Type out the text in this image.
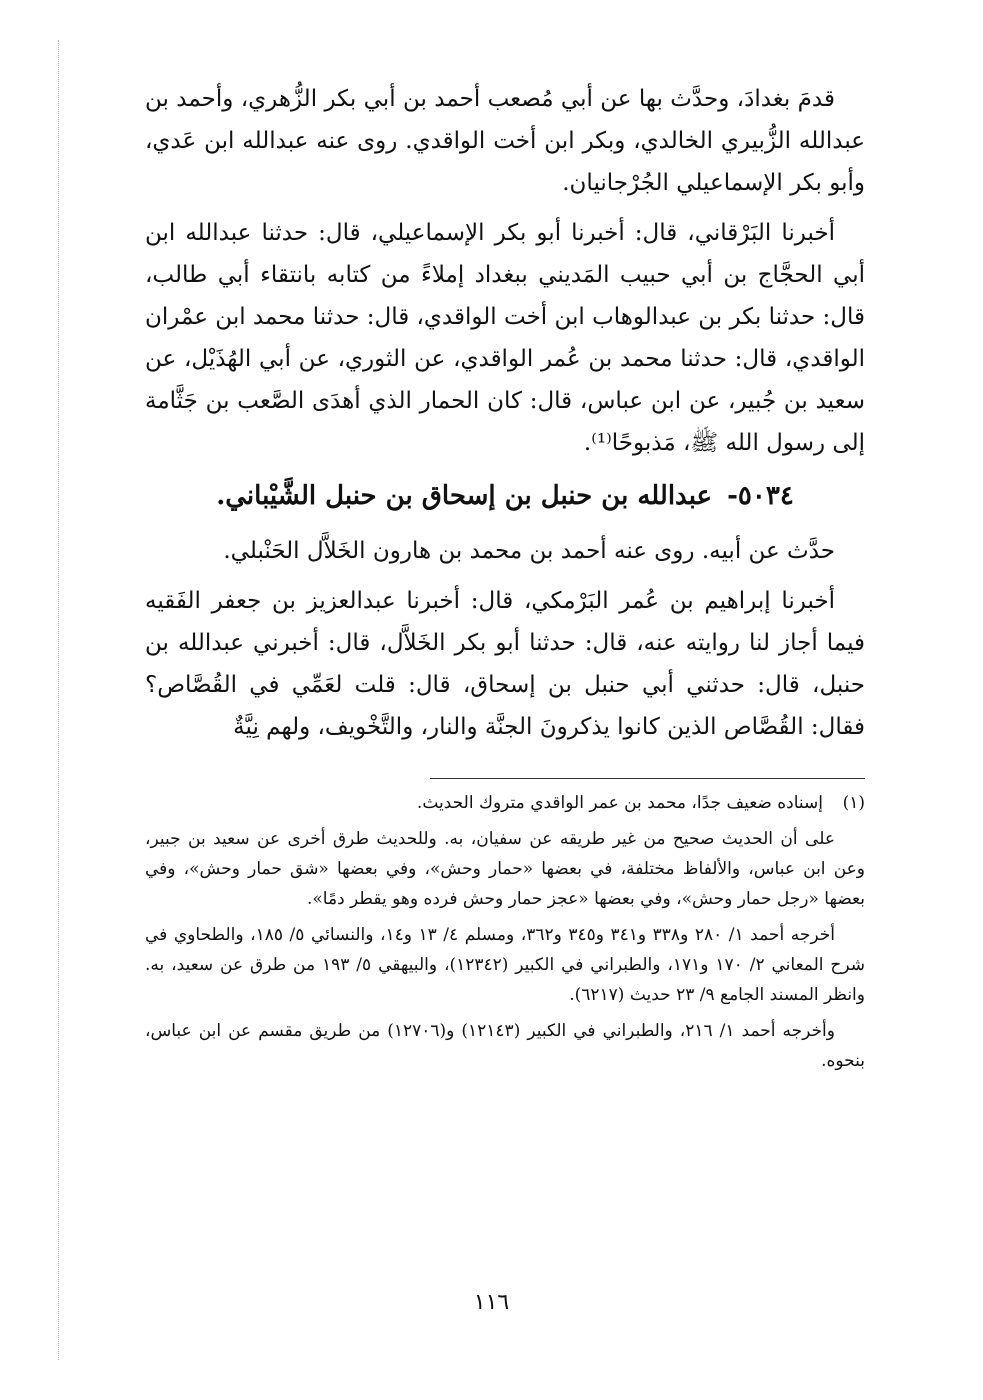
قدمَ بغدادَ، وحدَّث بها عن أبي مُصعب أحمد بن أبي بكر الزُّهري، وأحمد بن عبدالله الزُّبيري الخالدي، وبكر ابن أخت الواقدي. روى عنه عبدالله ابن عَدي، وأبو بكر الإسماعيلي الجُرْجانيان.

أخبرنا البَرْقاني، قال: أخبرنا أبو بكر الإسماعيلي، قال: حدثنا عبدالله ابن أبي الحجَّاج بن أبي حبيب المَديني ببغداد إملاءً من كتابه بانتقاء أبي طالب، قال: حدثنا بكر بن عبدالوهاب ابن أخت الواقدي، قال: حدثنا محمد ابن عمْران الواقدي، قال: حدثنا محمد بن عُمر الواقدي، عن الثوري، عن أبي الهُذَيْل، عن سعيد بن جُبير، عن ابن عباس، قال: كان الحمار الذي أهدَى الصَّعب بن جَثَّامة إلى رسول الله ﷺ، مَذبوحًا⁽¹⁾.

٥٠٣٤- عبدالله بن حنبل بن إسحاق بن حنبل الشَّيْباني.

حدَّث عن أبيه. روى عنه أحمد بن محمد بن هارون الخَلاَّل الحَنْبلي.

أخبرنا إبراهيم بن عُمر البَرْمكي، قال: أخبرنا عبدالعزيز بن جعفر الفَقيه فيما أجاز لنا روايته عنه، قال: حدثنا أبو بكر الخَلاَّل، قال: أخبرني عبدالله بن حنبل، قال: حدثني أبي حنبل بن إسحاق، قال: قلت لعَمِّي في القُصَّاص؟ فقال: القُصَّاص الذين كانوا يذكرونَ الجنَّة والنار، والتَّخْويف، ولهم نِيَّةٌ

(١)إسناده ضعيف جدًا، محمد بن عمر الواقدي متروك الحديث.

على أن الحديث صحيح من غير طريقه عن سفيان، به. وللحديث طرق أخرى عن سعيد بن جبير، وعن ابن عباس، والألفاظ مختلفة، في بعضها «حمار وحش»، وفي بعضها «شق حمار وحش»، وفي بعضها «رجل حمار وحش»، وفي بعضها «عجز حمار وحش فرده وهو يقطر دمًا».

أخرجه أحمد ١/ ٢٨٠ و٣٣٨ و٣٤١ و٣٤٥ و٣٦٢، ومسلم ٤/ ١٣ و١٤، والنسائي ٥/ ١٨٥، والطحاوي في شرح المعاني ٢/ ١٧٠ و١٧١، والطبراني في الكبير (١٢٣٤٢)، والبيهقي ٥/ ١٩٣ من طرق عن سعيد، به. وانظر المسند الجامع ٩/ ٢٣ حديث (٦٢١٧).

وأخرجه أحمد ١/ ٢١٦، والطبراني في الكبير (١٢١٤٣) و(١٢٧٠٦) من طريق مقسم عن ابن عباس، بنحوه.

١١٦
